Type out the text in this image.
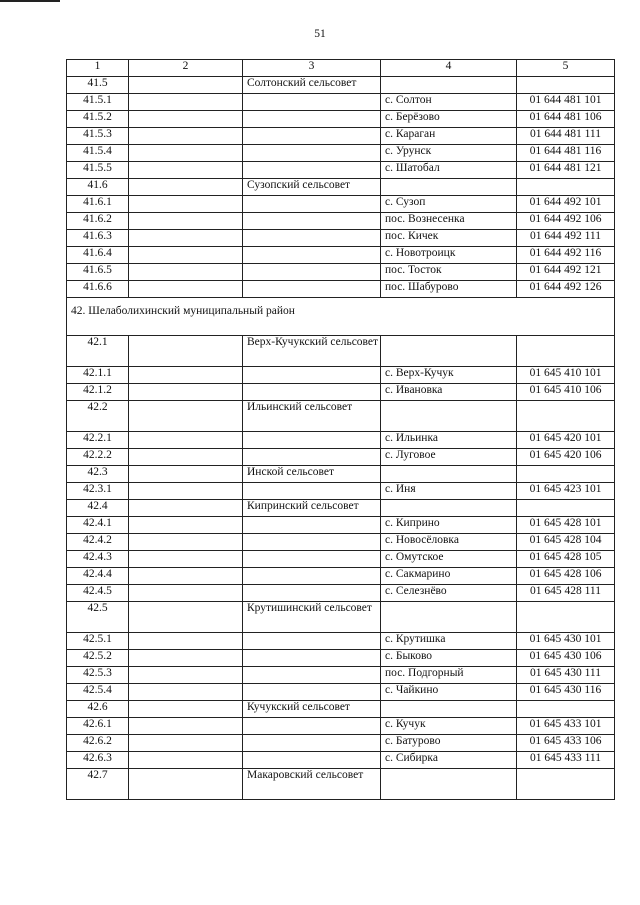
51
1	2	3	4	5
41.5		Солтонский сельсовет		
41.5.1			с. Солтон	01 644 481 101
41.5.2			с. Берёзово	01 644 481 106
41.5.3			с. Караган	01 644 481 111
41.5.4			с. Урунск	01 644 481 116
41.5.5			с. Шатобал	01 644 481 121
41.6		Сузопский сельсовет		
41.6.1			с. Сузоп	01 644 492 101
41.6.2			пос. Вознесенка	01 644 492 106
41.6.3			пос. Кичек	01 644 492 111
41.6.4			с. Новотроицк	01 644 492 116
41.6.5			пос. Тосток	01 644 492 121
41.6.6			пос. Шабурово	01 644 492 126
42. Шелаболихинский муниципальный район				
42.1		Верх-Кучукский сельсовет		
42.1.1			с. Верх-Кучук	01 645 410 101
42.1.2			с. Ивановка	01 645 410 106
42.2		Ильинский сельсовет		
42.2.1			с. Ильинка	01 645 420 101
42.2.2			с. Луговое	01 645 420 106
42.3		Инской сельсовет		
42.3.1			с. Иня	01 645 423 101
42.4		Кипринский сельсовет		
42.4.1			с. Киприно	01 645 428 101
42.4.2			с. Новосёловка	01 645 428 104
42.4.3			с. Омутское	01 645 428 105
42.4.4			с. Сакмарино	01 645 428 106
42.4.5			с. Селезнёво	01 645 428 111
42.5		Крутишинский сельсовет		
42.5.1			с. Крутишка	01 645 430 101
42.5.2			с. Быково	01 645 430 106
42.5.3			пос. Подгорный	01 645 430 111
42.5.4			с. Чайкино	01 645 430 116
42.6		Кучукский сельсовет		
42.6.1			с. Кучук	01 645 433 101
42.6.2			с. Батурово	01 645 433 106
42.6.3			с. Сибирка	01 645 433 111
42.7		Макаровский сельсовет		
